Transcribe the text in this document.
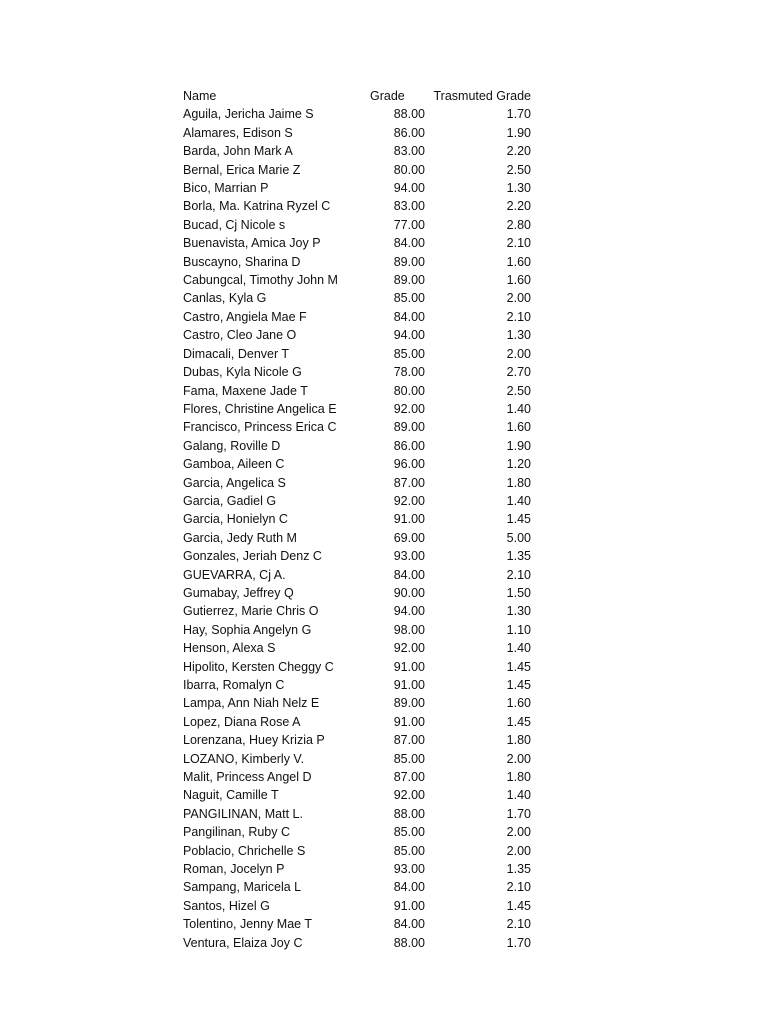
Name	Grade	Trasmuted Grade
Aguila, Jericha Jaime S	88.00	1.70
Alamares, Edison S	86.00	1.90
Barda, John Mark A	83.00	2.20
Bernal, Erica Marie Z	80.00	2.50
Bico, Marrian P	94.00	1.30
Borla, Ma. Katrina Ryzel C	83.00	2.20
Bucad, Cj Nicole s	77.00	2.80
Buenavista, Amica Joy P	84.00	2.10
Buscayno, Sharina D	89.00	1.60
Cabungcal, Timothy John M	89.00	1.60
Canlas, Kyla G	85.00	2.00
Castro, Angiela Mae F	84.00	2.10
Castro, Cleo Jane O	94.00	1.30
Dimacali, Denver T	85.00	2.00
Dubas, Kyla Nicole G	78.00	2.70
Fama, Maxene Jade T	80.00	2.50
Flores, Christine Angelica E	92.00	1.40
Francisco, Princess Erica C	89.00	1.60
Galang, Roville D	86.00	1.90
Gamboa, Aileen C	96.00	1.20
Garcia, Angelica S	87.00	1.80
Garcia, Gadiel G	92.00	1.40
Garcia, Honielyn C	91.00	1.45
Garcia, Jedy Ruth M	69.00	5.00
Gonzales, Jeriah Denz C	93.00	1.35
GUEVARRA, Cj A.	84.00	2.10
Gumabay, Jeffrey Q	90.00	1.50
Gutierrez, Marie Chris O	94.00	1.30
Hay, Sophia Angelyn G	98.00	1.10
Henson, Alexa S	92.00	1.40
Hipolito, Kersten Cheggy C	91.00	1.45
Ibarra, Romalyn C	91.00	1.45
Lampa, Ann Niah Nelz E	89.00	1.60
Lopez, Diana Rose A	91.00	1.45
Lorenzana, Huey Krizia P	87.00	1.80
LOZANO, Kimberly V.	85.00	2.00
Malit, Princess Angel D	87.00	1.80
Naguit, Camille T	92.00	1.40
PANGILINAN, Matt L.	88.00	1.70
Pangilinan, Ruby C	85.00	2.00
Poblacio, Chrichelle S	85.00	2.00
Roman, Jocelyn P	93.00	1.35
Sampang, Maricela L	84.00	2.10
Santos, Hizel G	91.00	1.45
Tolentino, Jenny Mae T	84.00	2.10
Ventura, Elaiza Joy C	88.00	1.70
